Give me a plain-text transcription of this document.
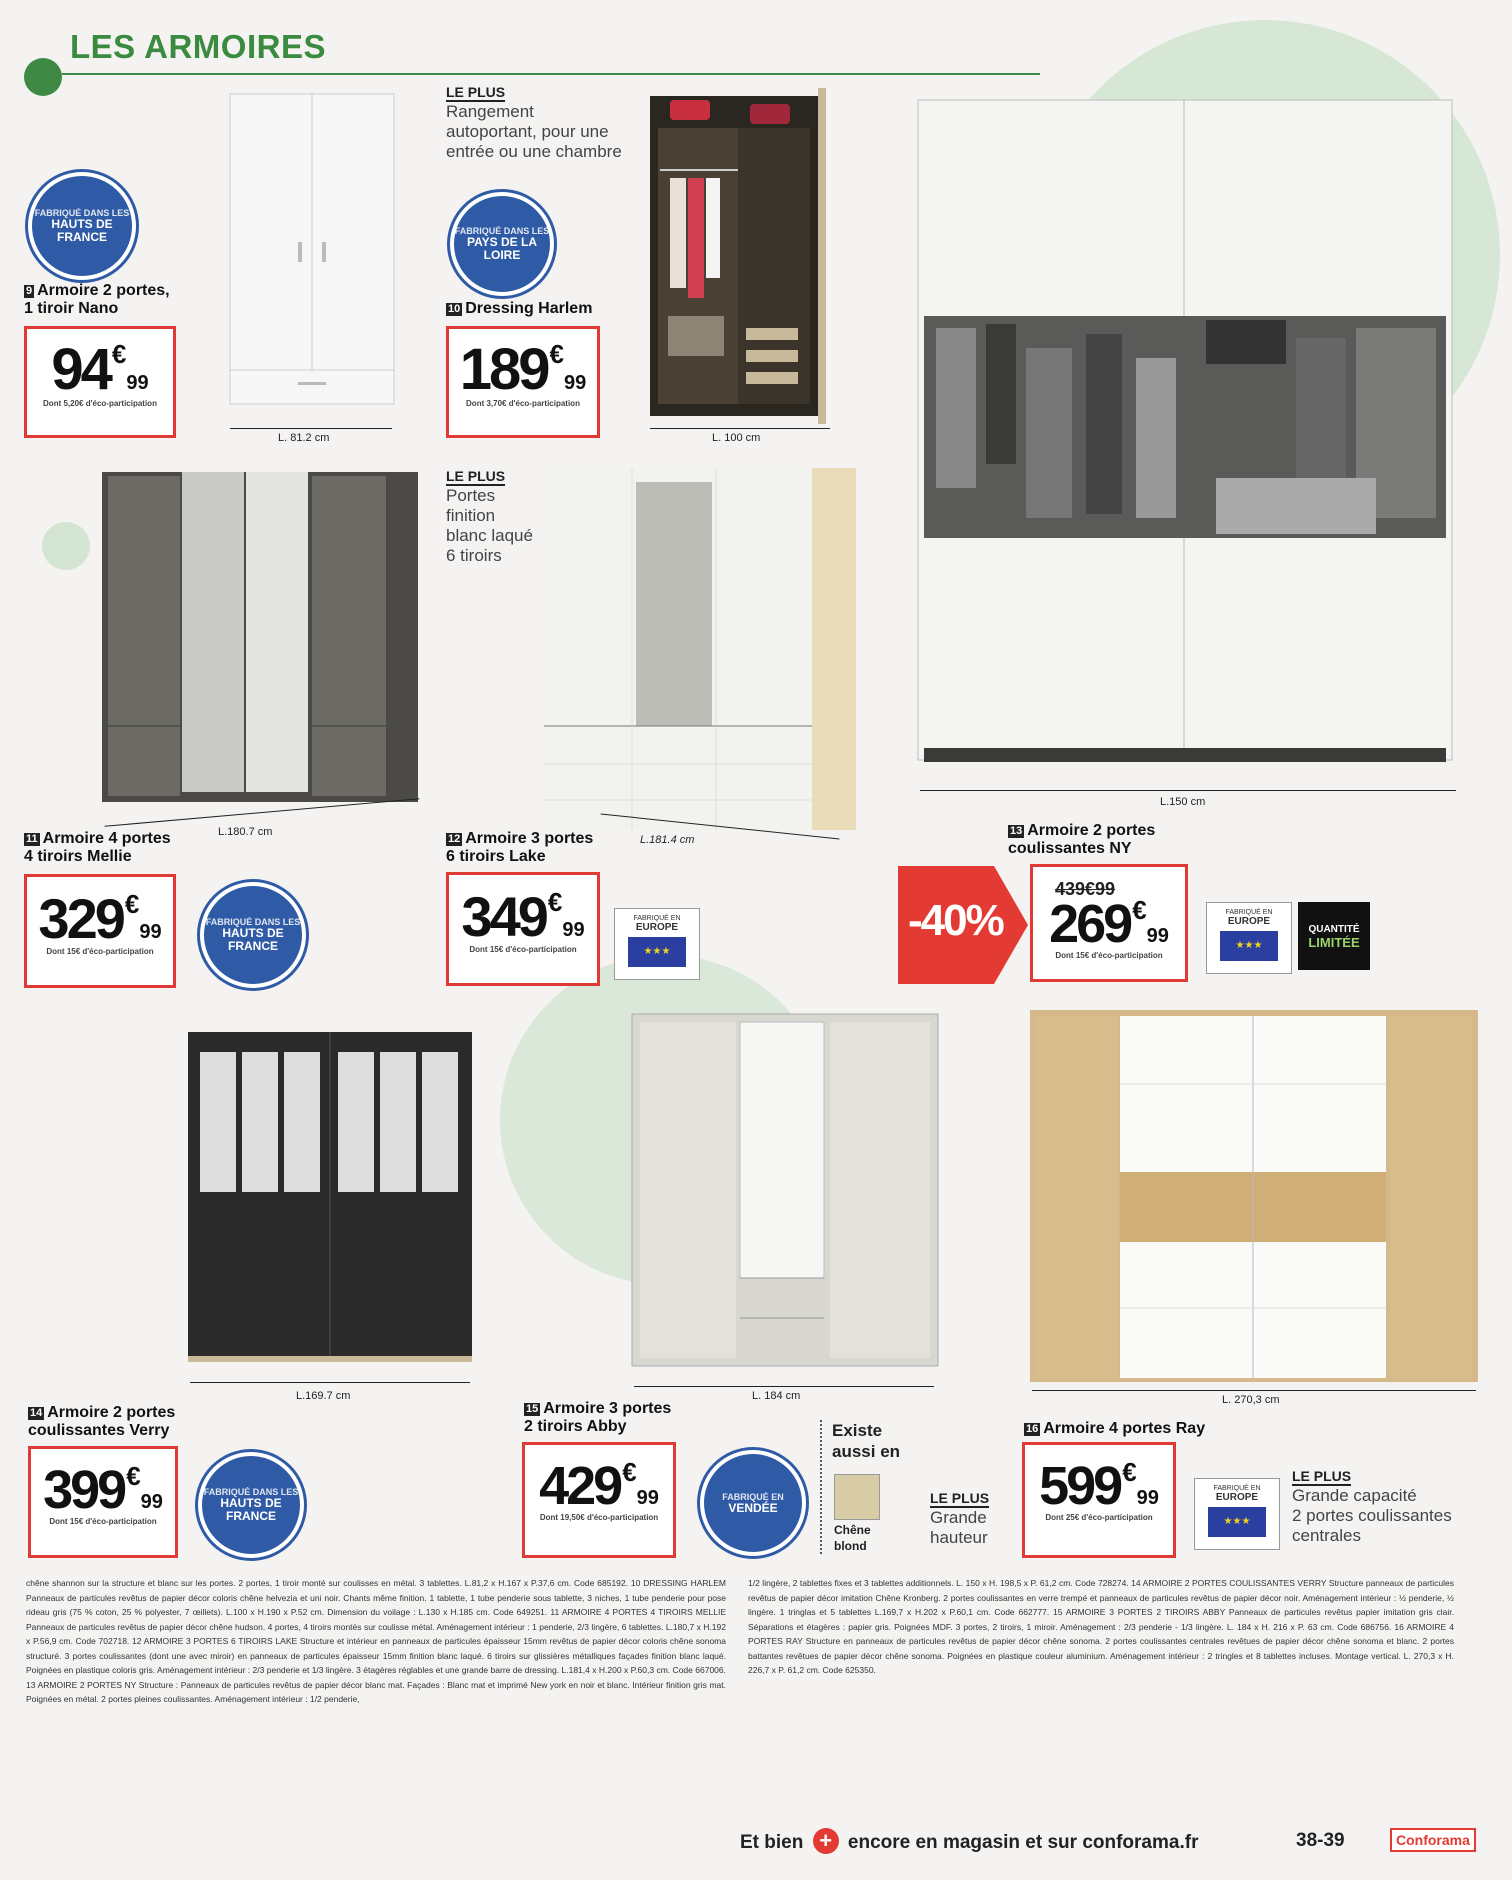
LES ARMOIRES
FABRIQUÉ DANS LES
HAUTS DE FRANCE
L. 81.2 cm
9 Armoire 2 portes,
1 tiroir Nano
94€99
Dont 5,20€ d'éco-participation
LE PLUS
Rangement
autoportant, pour une
entrée ou une chambre
FABRIQUÉ DANS LES
PAYS DE LA LOIRE
L. 100 cm
10 Dressing Harlem
189€99
Dont 3,70€ d'éco-participation
L.180.7 cm
11 Armoire 4 portes
4 tiroirs Mellie
329€99
Dont 15€ d'éco-participation
FABRIQUÉ DANS LES
HAUTS DE FRANCE
LE PLUS
Portes
finition
blanc laqué
6 tiroirs
L.181.4 cm
12 Armoire 3 portes
6 tiroirs Lake
349€99
Dont 15€ d'éco-participation
FABRIQUÉ EN
EUROPE
★★★
L.150 cm
13 Armoire 2 portes
coulissantes NY
-40%
439€99
269€99
Dont 15€ d'éco-participation
FABRIQUÉ EN
EUROPE
★★★
QUANTITÉ
LIMITÉE
L.169.7 cm
14 Armoire 2 portes
coulissantes Verry
399€99
Dont 15€ d'éco-participation
FABRIQUÉ DANS LES
HAUTS DE FRANCE
L. 184 cm
15 Armoire 3 portes
2 tiroirs Abby
429€99
Dont 19,50€ d'éco-participation
FABRIQUÉ EN
VENDÉE
Existe
aussi en
Chêne
blond
LE PLUS
Grande
hauteur
L. 270,3 cm
16 Armoire 4 portes Ray
599€99
Dont 25€ d'éco-participation
FABRIQUÉ EN
EUROPE
★★★
LE PLUS
Grande capacité
2 portes coulissantes
centrales
chêne shannon sur la structure et blanc sur les portes. 2 portes, 1 tiroir monté sur coulisses en métal. 3 tablettes. L.81,2 x H.167 x P.37,6 cm. Code 685192. 10 DRESSING HARLEM Panneaux de particules revêtus de papier décor coloris chêne helvezia et uni noir. Chants même finition. 1 tablette, 1 tube penderie sous tablette, 3 niches, 1 tube penderie pour pose rideau gris (75 % coton, 25 % polyester, 7 œillets). L.100 x H.190 x P.52 cm. Dimension du voilage : L.130 x H.185 cm. Code 649251. 11 ARMOIRE 4 PORTES 4 TIROIRS MELLIE Panneaux de particules revêtus de papier décor chêne hudson. 4 portes, 4 tiroirs montés sur coulisse métal. Aménagement intérieur : 1 penderie, 2/3 lingère, 6 tablettes. L.180,7 x H.192 x P.56,9 cm. Code 702718. 12 ARMOIRE 3 PORTES 6 TIROIRS LAKE Structure et intérieur en panneaux de particules épaisseur 15mm revêtus de papier décor coloris chêne sonoma structuré. 3 portes coulissantes (dont une avec miroir) en panneaux de particules épaisseur 15mm finition blanc laqué. 6 tiroirs sur glissières métalliques façades finition blanc laqué. Poignées en plastique coloris gris. Aménagement intérieur : 2/3 penderie et 1/3 lingère. 3 étagères réglables et une grande barre de dressing. L.181,4 x H.200 x P.60,3 cm. Code 667006. 13 ARMOIRE 2 PORTES NY Structure : Panneaux de particules revêtus de papier décor blanc mat. Façades : Blanc mat et imprimé New york en noir et blanc. Intérieur finition gris mat. Poignées en métal. 2 portes pleines coulissantes. Aménagement intérieur : 1/2 penderie,
1/2 lingère, 2 tablettes fixes et 3 tablettes additionnels. L. 150 x H. 198,5 x P. 61,2 cm. Code 728274. 14 ARMOIRE 2 PORTES COULISSANTES VERRY Structure panneaux de particules revêtus de papier décor imitation Chêne Kronberg. 2 portes coulissantes en verre trempé et panneaux de particules revêtus de papier décor noir. Aménagement intérieur : ½ penderie, ½ lingère. 1 tringlas et 5 tablettes L.169,7 x H.202 x P.60,1 cm. Code 662777. 15 ARMOIRE 3 PORTES 2 TIROIRS ABBY Panneaux de particules revêtus papier imitation gris clair. Séparations et étagères : papier gris. Poignées MDF. 3 portes, 2 tiroirs, 1 miroir. Aménagement : 2/3 penderie - 1/3 lingère. L. 184 x H. 216 x P. 63 cm. Code 686756. 16 ARMOIRE 4 PORTES RAY Structure en panneaux de particules revêtus de papier décor chêne sonoma. 2 portes coulissantes centrales revêtues de papier décor chêne sonoma et blanc. 2 portes battantes revêtues de papier décor chêne sonoma. Poignées en plastique couleur aluminium. Aménagement intérieur : 2 tringles et 8 tablettes incluses. Montage vertical. L. 270,3 x H. 226,7 x P. 61,2 cm. Code 625350.
Et bien + encore en magasin et sur conforama.fr	38-39	Conforama
